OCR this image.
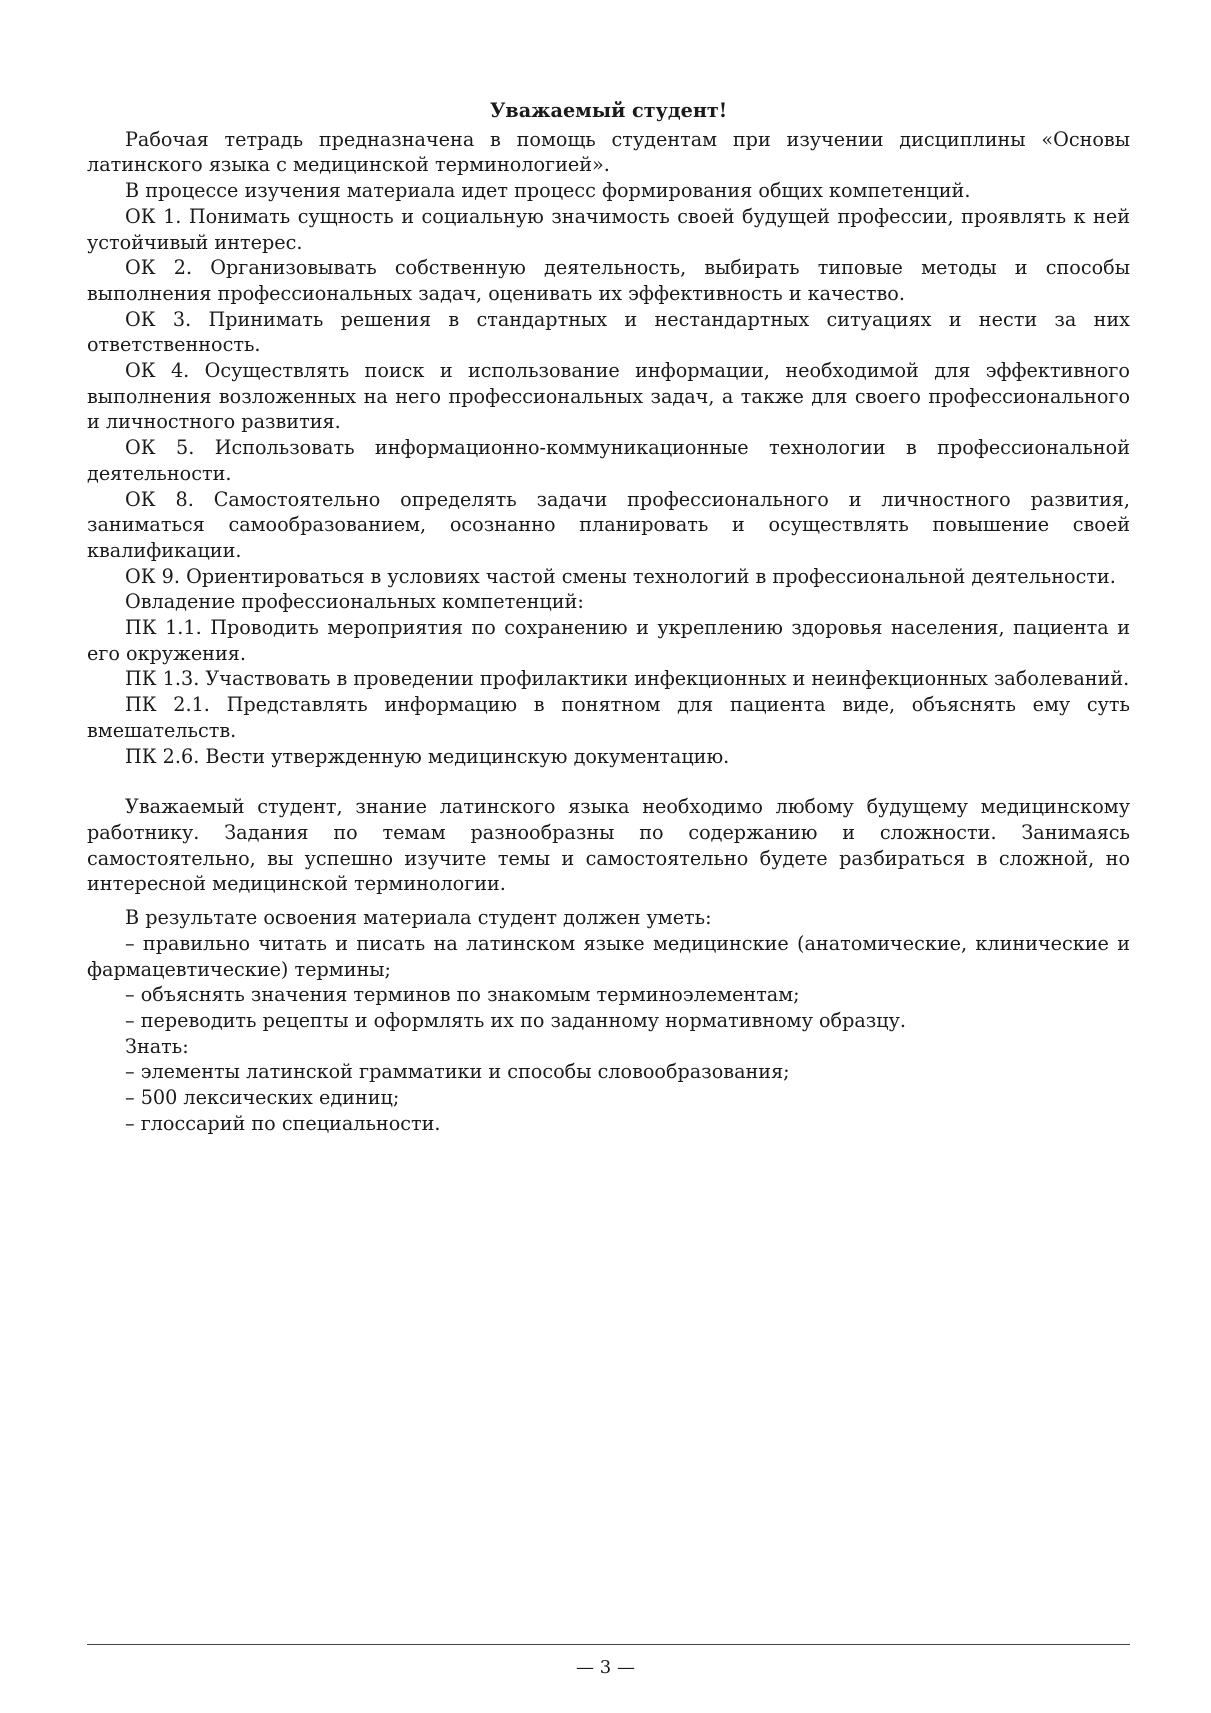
Уважаемый студент!

Рабочая тетрадь предназначена в помощь студентам при изучении дисциплины «Основы латинского языка с медицинской терминологией».

В процессе изучения материала идет процесс формирования общих компетенций.

ОК 1. Понимать сущность и социальную значимость своей будущей профессии, проявлять к ней устойчивый интерес.

ОК 2. Организовывать собственную деятельность, выбирать типовые методы и способы выполнения профессиональных задач, оценивать их эффективность и качество.

ОК 3. Принимать решения в стандартных и нестандартных ситуациях и нести за них ответственность.

ОК 4. Осуществлять поиск и использование информации, необходимой для эффективного выполнения возложенных на него профессиональных задач, а также для своего профессионального и личностного развития.

ОК 5. Использовать информационно-коммуникационные технологии в профессиональной деятельности.

ОК 8. Самостоятельно определять задачи профессионального и личностного развития, заниматься самообразованием, осознанно планировать и осуществлять повышение своей квалификации.

ОК 9. Ориентироваться в условиях частой смены технологий в профессиональной деятельности.

Овладение профессиональных компетенций:

ПК 1.1. Проводить мероприятия по сохранению и укреплению здоровья населения, пациента и его окружения.

ПК 1.3. Участвовать в проведении профилактики инфекционных и неинфекционных заболеваний.

ПК 2.1. Представлять информацию в понятном для пациента виде, объяснять ему суть вмешательств.

ПК 2.6. Вести утвержденную медицинскую документацию.

Уважаемый студент, знание латинского языка необходимо любому будущему медицинскому работнику. Задания по темам разнообразны по содержанию и сложности. Занимаясь самостоятельно, вы успешно изучите темы и самостоятельно будете разбираться в сложной, но интересной медицинской терминологии.

В результате освоения материала студент должен уметь:

– правильно читать и писать на латинском языке медицинские (анатомические, клинические и фармацевтические) термины;

– объяснять значения терминов по знакомым терминоэлементам;

– переводить рецепты и оформлять их по заданному нормативному образцу.

Знать:

– элементы латинской грамматики и способы словообразования;

– 500 лексических единиц;

– глоссарий по специальности.

— 3 —
